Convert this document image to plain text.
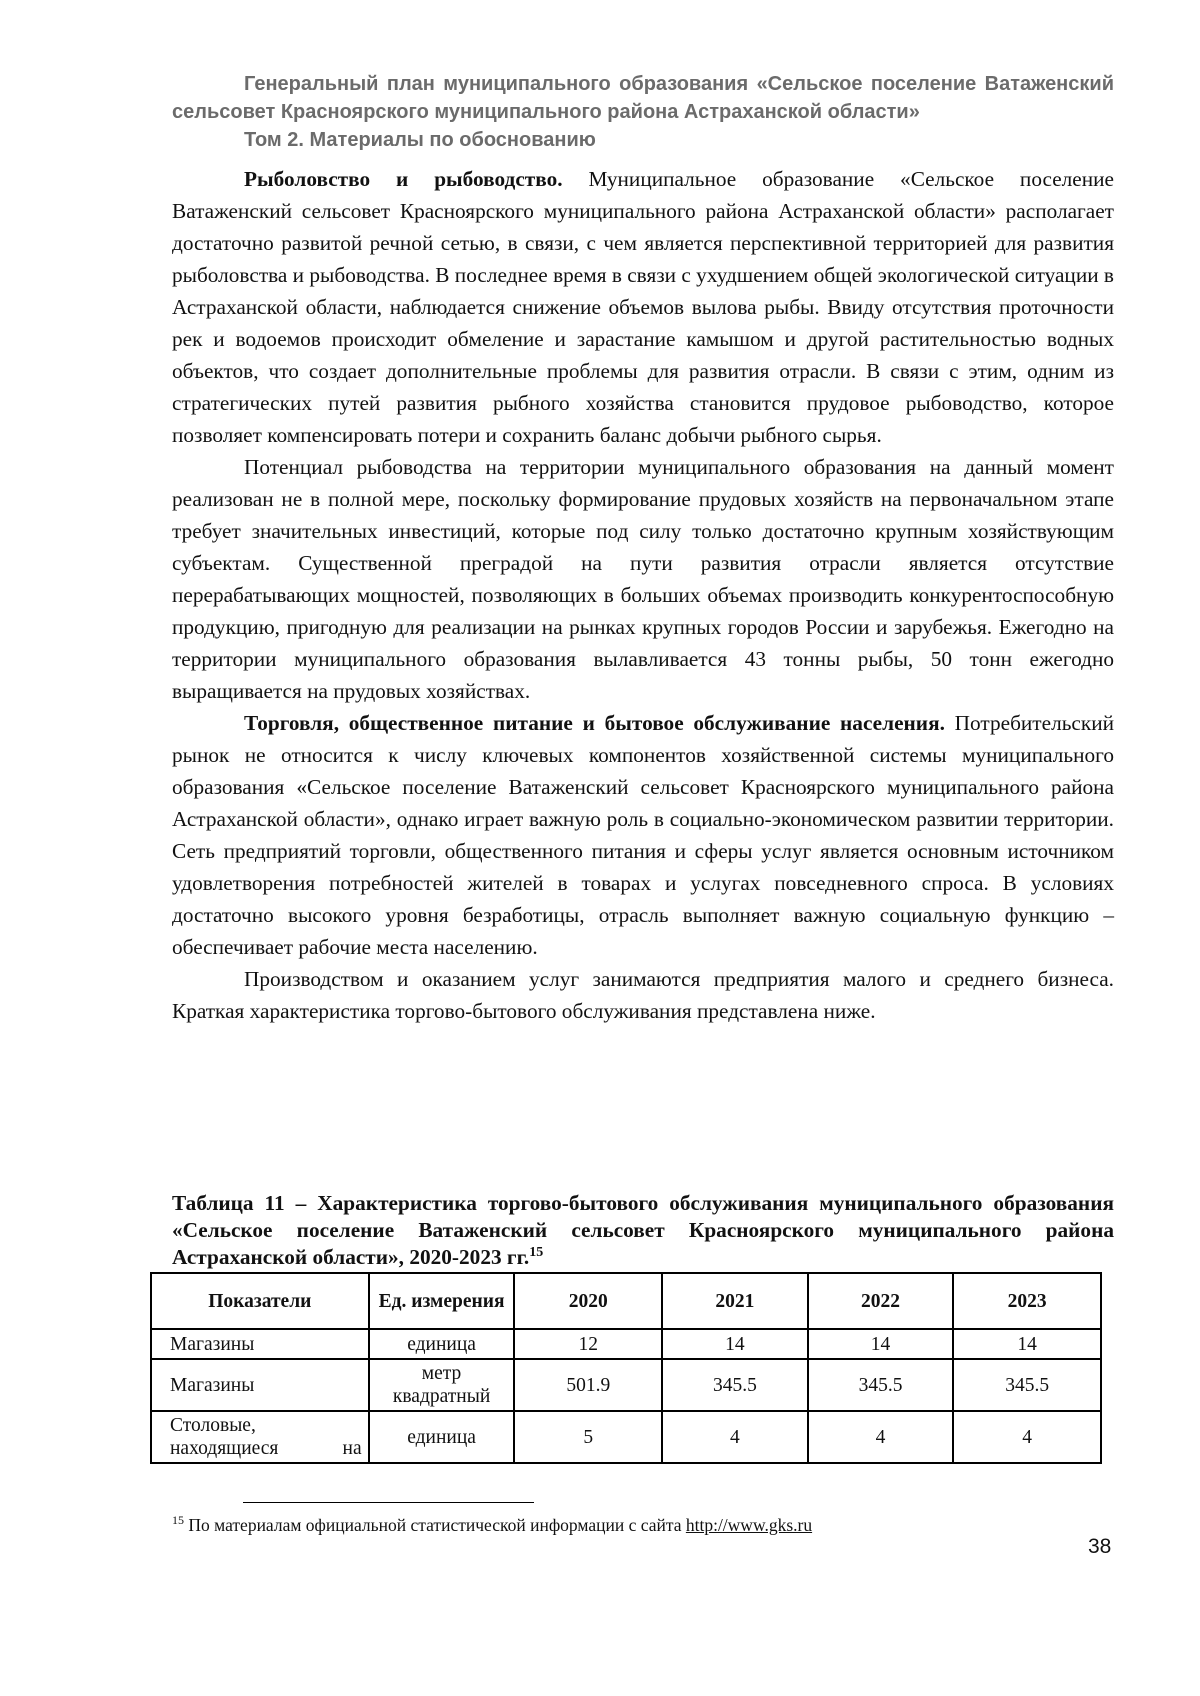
Генеральный план муниципального образования «Сельское поселение Ватаженский
сельсовет Красноярского муниципального района Астраханской области»
Том 2. Материалы по обоснованию

Рыболовство и рыбоводство. Муниципальное образование «Сельское поселение Ватаженский сельсовет Красноярского муниципального района Астраханской области» располагает достаточно развитой речной сетью, в связи, с чем является перспективной территорией для развития рыболовства и рыбоводства. В последнее время в связи с ухудшением общей экологической ситуации в Астраханской области, наблюдается снижение объемов вылова рыбы. Ввиду отсутствия проточности рек и водоемов происходит обмеление и зарастание камышом и другой растительностью водных объектов, что создает дополнительные проблемы для развития отрасли. В связи с этим, одним из стратегических путей развития рыбного хозяйства становится прудовое рыбоводство, которое позволяет компенсировать потери и сохранить баланс добычи рыбного сырья.

Потенциал рыбоводства на территории муниципального образования на данный момент реализован не в полной мере, поскольку формирование прудовых хозяйств на первоначальном этапе требует значительных инвестиций, которые под силу только достаточно крупным хозяйствующим субъектам. Существенной преградой на пути развития отрасли является отсутствие перерабатывающих мощностей, позволяющих в больших объемах производить конкурентоспособную продукцию, пригодную для реализации на рынках крупных городов России и зарубежья. Ежегодно на территории муниципального образования вылавливается 43 тонны рыбы, 50 тонн ежегодно выращивается на прудовых хозяйствах.

Торговля, общественное питание и бытовое обслуживание населения. Потребительский рынок не относится к числу ключевых компонентов хозяйственной системы муниципального образования «Сельское поселение Ватаженский сельсовет Красноярского муниципального района Астраханской области», однако играет важную роль в социально-экономическом развитии территории. Сеть предприятий торговли, общественного питания и сферы услуг является основным источником удовлетворения потребностей жителей в товарах и услугах повседневного спроса. В условиях достаточно высокого уровня безработицы, отрасль выполняет важную социальную функцию – обеспечивает рабочие места населению.

Производством и оказанием услуг занимаются предприятия малого и среднего бизнеса. Краткая характеристика торгово-бытового обслуживания представлена ниже.

Таблица 11 – Характеристика торгово-бытового обслуживания муниципального образования «Сельское поселение Ватаженский сельсовет Красноярского муниципального района Астраханской области», 2020-2023 гг.$^{15}$
Показатели	Ед. измерения	2020	2021	2022	2023
Магазины	единица	12	14	14	14
Магазины	метр квадратный	501.9	345.5	345.5	345.5
Столовые, находящиеся на	единица	5	4	4	4
$^{15}$ По материалам официальной статистической информации с сайта http://www.gks.ru
38
